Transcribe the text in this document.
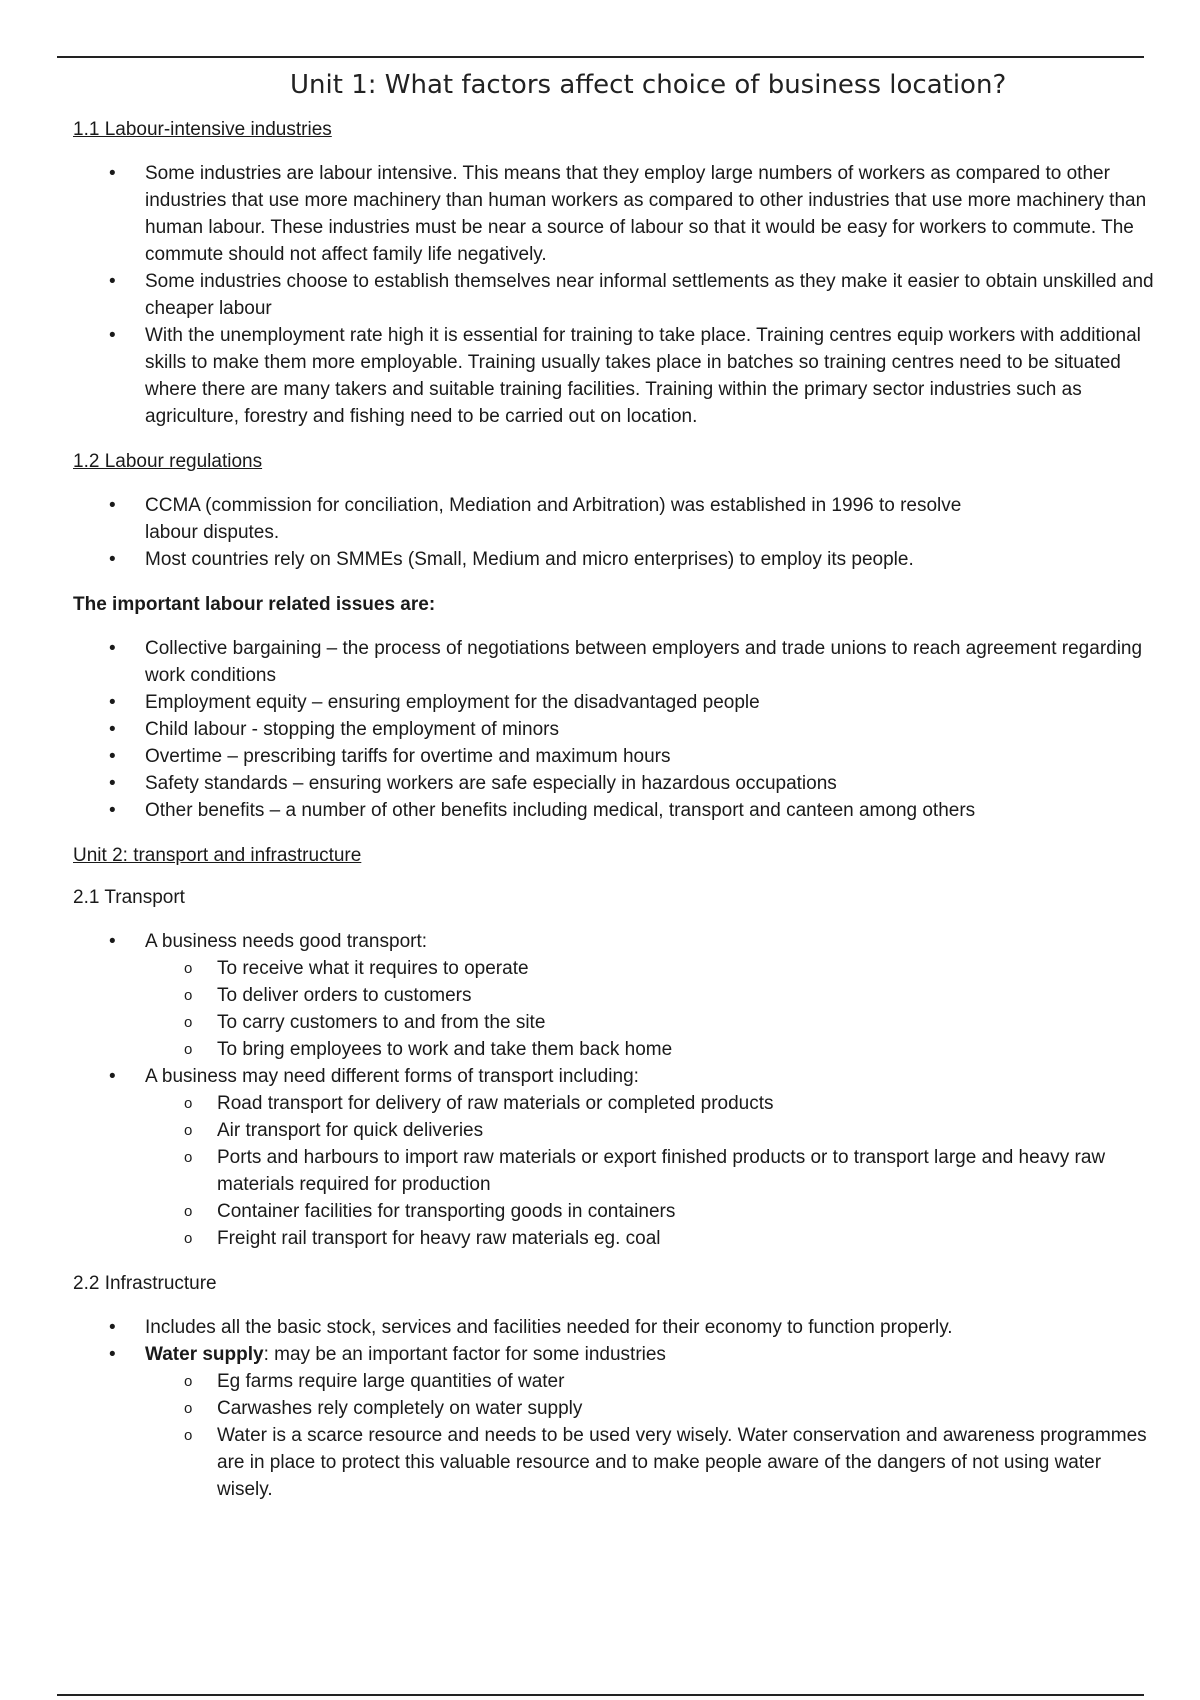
Unit 1: What factors affect choice of business location?
1.1 Labour-intensive industries
• Some industries are labour intensive. This means that they employ large numbers of workers as compared to other industries that use more machinery than human workers as compared to other industries that use more machinery than human labour. These industries must be near a source of labour so that it would be easy for workers to commute. The commute should not affect family life negatively.
• Some industries choose to establish themselves near informal settlements as they make it easier to obtain unskilled and cheaper labour
• With the unemployment rate high it is essential for training to take place. Training centres equip workers with additional skills to make them more employable. Training usually takes place in batches so training centres need to be situated where there are many takers and suitable training facilities. Training within the primary sector industries such as agriculture, forestry and fishing need to be carried out on location.
1.2 Labour regulations
• CCMA (commission for conciliation, Mediation and Arbitration) was established in 1996 to resolve labour disputes.
• Most countries rely on SMMEs (Small, Medium and micro enterprises) to employ its people.
The important labour related issues are:
• Collective bargaining – the process of negotiations between employers and trade unions to reach agreement regarding work conditions
• Employment equity – ensuring employment for the disadvantaged people
• Child labour - stopping the employment of minors
• Overtime – prescribing tariffs for overtime and maximum hours
• Safety standards – ensuring workers are safe especially in hazardous occupations
• Other benefits – a number of other benefits including medical, transport and canteen among others
Unit 2: transport and infrastructure
2.1 Transport
• A business needs good transport:
o To receive what it requires to operate
o To deliver orders to customers
o To carry customers to and from the site
o To bring employees to work and take them back home
• A business may need different forms of transport including:
o Road transport for delivery of raw materials or completed products
o Air transport for quick deliveries
o Ports and harbours to import raw materials or export finished products or to transport large and heavy raw materials required for production
o Container facilities for transporting goods in containers
o Freight rail transport for heavy raw materials eg. coal
2.2 Infrastructure
• Includes all the basic stock, services and facilities needed for their economy to function properly.
• Water supply: may be an important factor for some industries
o Eg farms require large quantities of water
o Carwashes rely completely on water supply
o Water is a scarce resource and needs to be used very wisely. Water conservation and awareness programmes are in place to protect this valuable resource and to make people aware of the dangers of not using water wisely.
